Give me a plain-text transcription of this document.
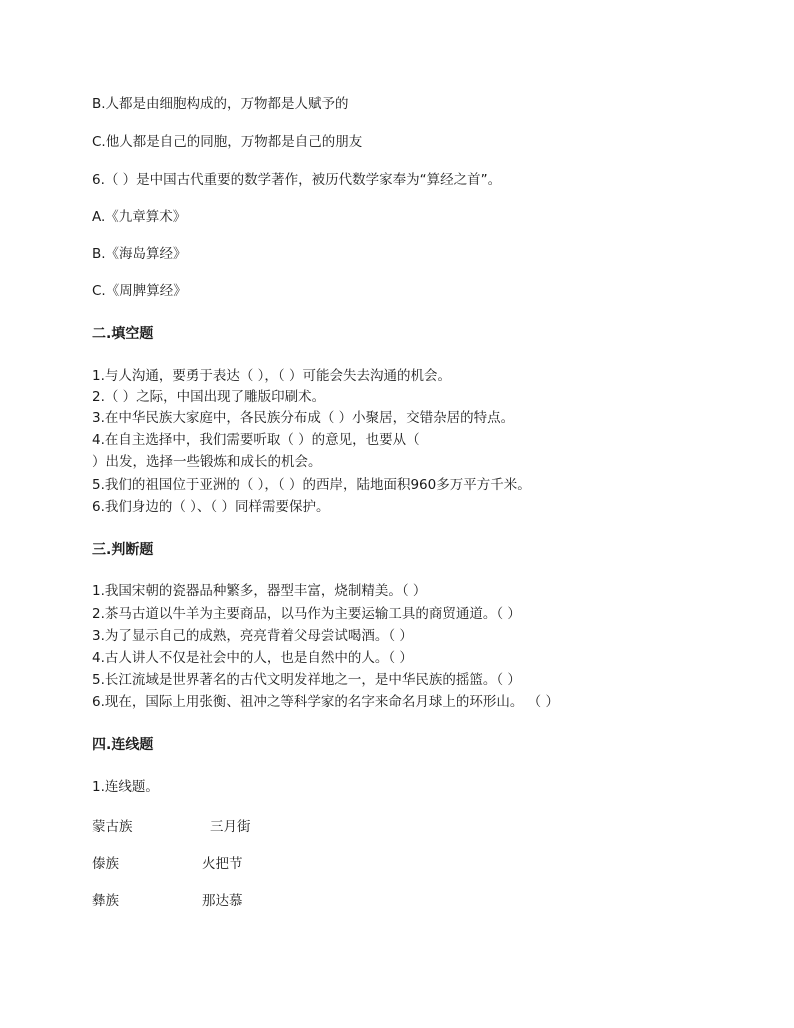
B.人都是由细胞构成的，万物都是人赋予的
C.他人都是自己的同胞，万物都是自己的朋友
6.（ ）是中国古代重要的数学著作，被历代数学家奉为“算经之首”。
A.《九章算术》
B.《海岛算经》
C.《周脾算经》
二.填空题
1.与人沟通，要勇于表达（ ），（ ）可能会失去沟通的机会。
2.（ ）之际，中国出现了雕版印刷术。
3.在中华民族大家庭中，各民族分布成（ ）小聚居，交错杂居的特点。
4.在自主选择中，我们需要听取（ ）的意见，也要从（
）出发，选择一些锻炼和成长的机会。
5.我们的祖国位于亚洲的（ ），（ ）的西岸，陆地面积960多万平方千米。
6.我们身边的（ ）、（ ）同样需要保护。
三.判断题
1.我国宋朝的瓷器品种繁多，器型丰富，烧制精美。（ ）
2.茶马古道以牛羊为主要商品，以马作为主要运输工具的商贸通道。（ ）
3.为了显示自己的成熟，亮亮背着父母尝试喝酒。（ ）
4.古人讲人不仅是社会中的人，也是自然中的人。（ ）
5.长江流域是世界著名的古代文明发祥地之一，是中华民族的摇篮。（ ）
6.现在，国际上用张衡、祖冲之等科学家的名字来命名月球上的环形山。 （ ）
四.连线题
1.连线题。
蒙古族	三月街
傣族	火把节
彝族	那达慕
